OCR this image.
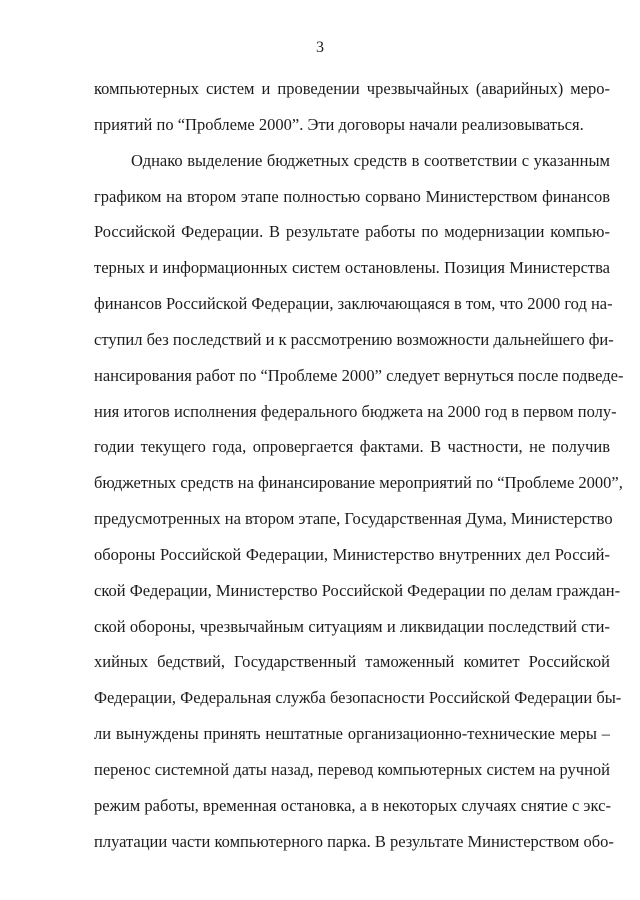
3
компьютерных систем и проведении чрезвычайных (аварийных) меро-
приятий по “Проблеме 2000”. Эти договоры начали реализовываться.
Однако выделение бюджетных средств в соответствии с указанным
графиком на втором этапе полностью сорвано Министерством финансов
Российской Федерации. В результате работы по модернизации компью-
терных и информационных систем остановлены. Позиция Министерства
финансов Российской Федерации, заключающаяся в том, что 2000 год на-
ступил без последствий и к рассмотрению возможности дальнейшего фи-
нансирования работ по “Проблеме 2000” следует вернуться после подведе-
ния итогов исполнения федерального бюджета на 2000 год в первом полу-
годии текущего года, опровергается фактами. В частности, не получив
бюджетных средств на финансирование мероприятий по “Проблеме 2000”,
предусмотренных на втором этапе, Государственная Дума, Министерство
обороны Российской Федерации, Министерство внутренних дел Россий-
ской Федерации, Министерство Российской Федерации по делам граждан-
ской обороны, чрезвычайным ситуациям и ликвидации последствий сти-
хийных бедствий, Государственный таможенный комитет Российской
Федерации, Федеральная служба безопасности Российской Федерации бы-
ли вынуждены принять нештатные организационно-технические меры –
перенос системной даты назад, перевод компьютерных систем на ручной
режим работы, временная остановка, а в некоторых случаях снятие с экс-
плуатации части компьютерного парка. В результате Министерством обо-
